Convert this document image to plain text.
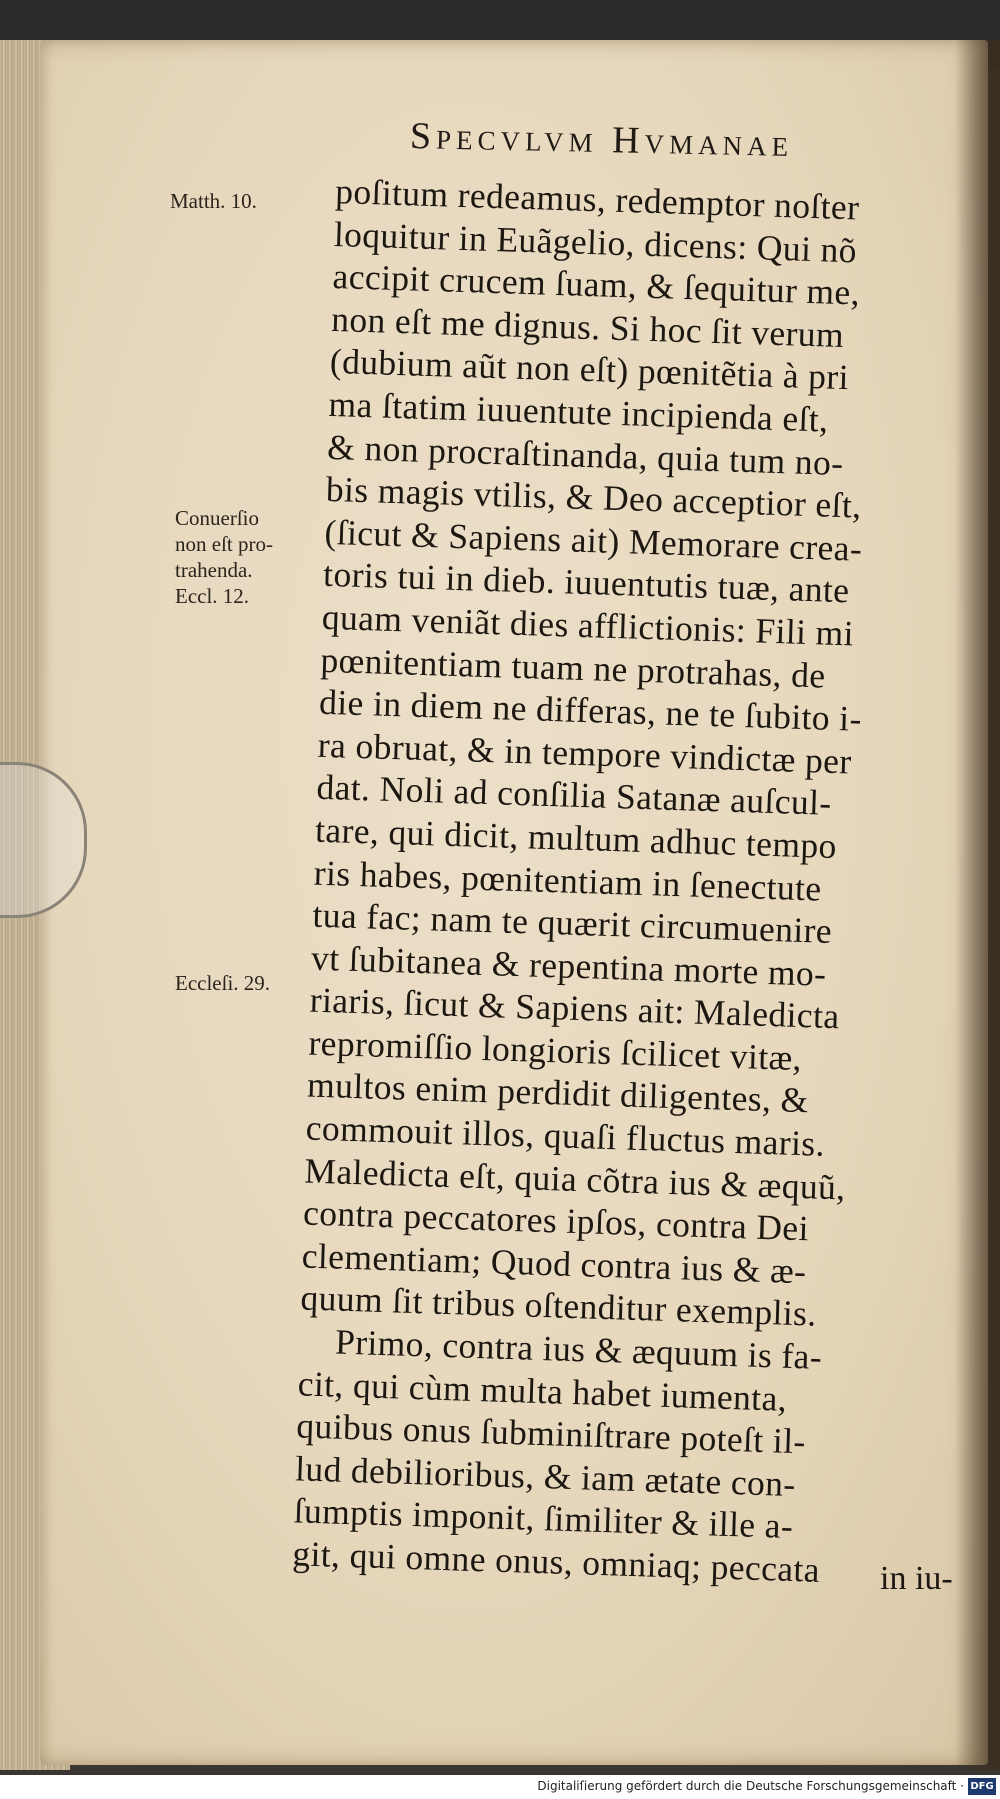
Specvlvm Hvmanae
Matth. 10.
Conuerſio
non eſt pro-
trahenda.
Eccl. 12.
Eccleſi. 29.
poſitum redeamus, redemptor noſter
loquitur in Euãgelio, dicens: Qui nõ
accipit crucem ſuam, & ſequitur me,
non eſt me dignus. Si hoc ſit verum
(dubium aũt non eſt) pœnitẽtia à pri
ma ſtatim iuuentute incipienda eſt,
& non procraſtinanda, quia tum no-
bis magis vtilis, & Deo acceptior eſt,
(ſicut & Sapiens ait) Memorare crea-
toris tui in dieb. iuuentutis tuæ, ante
quam veniãt dies afflictionis: Fili mi
pœnitentiam tuam ne protrahas, de
die in diem ne differas, ne te ſubito i-
ra obruat, & in tempore vindictæ per
dat. Noli ad conſilia Satanæ auſcul-
tare, qui dicit, multum adhuc tempo
ris habes, pœnitentiam in ſenectute
tua fac; nam te quærit circumuenire
vt ſubitanea & repentina morte mo-
riaris, ſicut & Sapiens ait: Maledicta
repromiſſio longioris ſcilicet vitæ,
multos enim perdidit diligentes, &
commouit illos, quaſi fluctus maris.
Maledicta eſt, quia cõtra ius & æquũ,
contra peccatores ipſos, contra Dei
clementiam; Quod contra ius & æ-
quum ſit tribus oſtenditur exemplis.
Primo, contra ius & æquum is fa-
cit, qui cùm multa habet iumenta,
quibus onus ſubminiſtrare poteſt il-
lud debilioribus, & iam ætate con-
ſumptis imponit, ſimiliter & ille a-
git, qui omne onus, omniaq; peccata	in iu-
Digitaliſierung gefördert durch die Deutsche Forschungsgemeinschaft · DFG
